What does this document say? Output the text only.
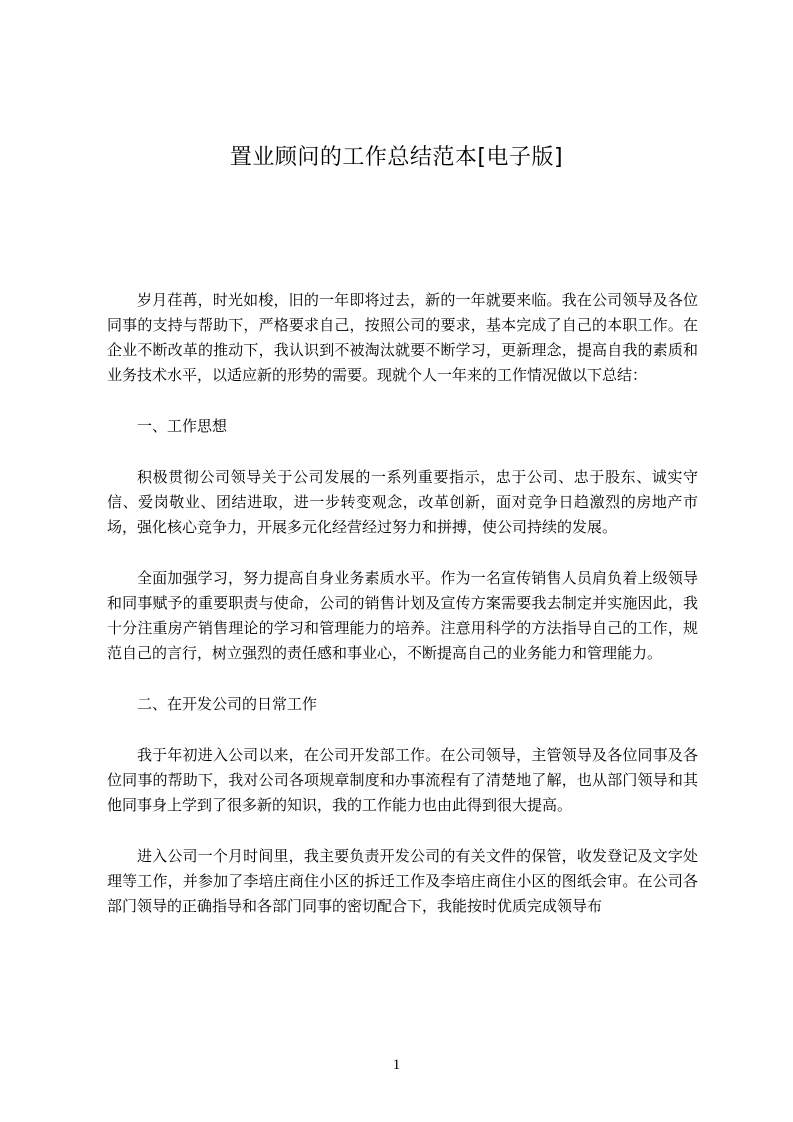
置业顾问的工作总结范本[电子版]

岁月荏苒，时光如梭，旧的一年即将过去，新的一年就要来临。我在公司领导及各位同事的支持与帮助下，严格要求自己，按照公司的要求，基本完成了自己的本职工作。在企业不断改革的推动下，我认识到不被淘汰就要不断学习，更新理念，提高自我的素质和业务技术水平，以适应新的形势的需要。现就个人一年来的工作情况做以下总结：

一、工作思想

积极贯彻公司领导关于公司发展的一系列重要指示，忠于公司、忠于股东、诚实守信、爱岗敬业、团结进取，进一步转变观念，改革创新，面对竞争日趋激烈的房地产市场，强化核心竞争力，开展多元化经营经过努力和拼搏，使公司持续的发展。

全面加强学习，努力提高自身业务素质水平。作为一名宣传销售人员肩负着上级领导和同事赋予的重要职责与使命，公司的销售计划及宣传方案需要我去制定并实施因此，我十分注重房产销售理论的学习和管理能力的培养。注意用科学的方法指导自己的工作，规范自己的言行，树立强烈的责任感和事业心，不断提高自己的业务能力和管理能力。

二、在开发公司的日常工作

我于年初进入公司以来，在公司开发部工作。在公司领导，主管领导及各位同事及各位同事的帮助下，我对公司各项规章制度和办事流程有了清楚地了解，也从部门领导和其他同事身上学到了很多新的知识，我的工作能力也由此得到很大提高。

进入公司一个月时间里，我主要负责开发公司的有关文件的保管，收发登记及文字处理等工作，并参加了李培庄商住小区的拆迁工作及李培庄商住小区的图纸会审。在公司各部门领导的正确指导和各部门同事的密切配合下，我能按时优质完成领导布

1
